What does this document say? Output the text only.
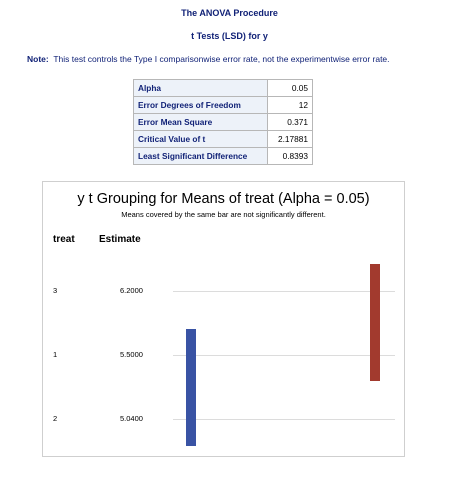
The ANOVA Procedure
t Tests (LSD) for y
Note: This test controls the Type I comparisonwise error rate, not the experimentwise error rate.
Alpha	0.05
Error Degrees of Freedom	12
Error Mean Square	0.371
Critical Value of t	2.17881
Least Significant Difference	0.8393
y t Grouping for Means of treat (Alpha = 0.05)
Means covered by the same bar are not significantly different.
treat Estimate
3	6.2000
1	5.5000
2	5.0400
